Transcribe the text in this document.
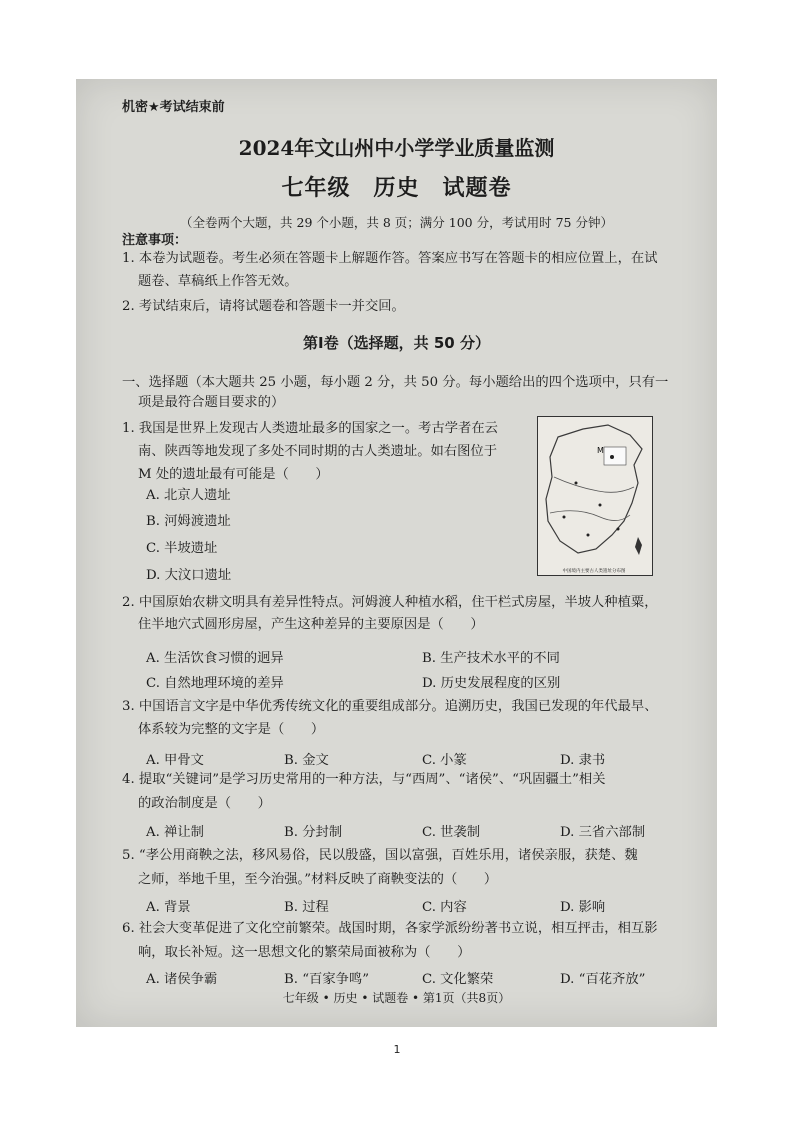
机密★考试结束前
2024年文山州中小学学业质量监测
七年级　历史　试题卷
（全卷两个大题，共 29 个小题，共 8 页；满分 100 分，考试用时 75 分钟）
注意事项：
1. 本卷为试题卷。考生必须在答题卡上解题作答。答案应书写在答题卡的相应位置上，在试
题卷、草稿纸上作答无效。
2. 考试结束后，请将试题卷和答题卡一并交回。
第Ⅰ卷（选择题，共 50 分）
一、选择题（本大题共 25 小题，每小题 2 分，共 50 分。每小题给出的四个选项中，只有一
项是最符合题目要求的）
1. 我国是世界上发现古人类遗址最多的国家之一。考古学者在云
南、陕西等地发现了多处不同时期的古人类遗址。如右图位于
M 处的遗址最有可能是（　　）
A. 北京人遗址
B. 河姆渡遗址
C. 半坡遗址
D. 大汶口遗址
M
中国境内主要古人类遗址分布图
2. 中国原始农耕文明具有差异性特点。河姆渡人种植水稻，住干栏式房屋，半坡人种植粟，
住半地穴式圆形房屋，产生这种差异的主要原因是（　　）
A. 生活饮食习惯的迥异	B. 生产技术水平的不同
C. 自然地理环境的差异	D. 历史发展程度的区别
3. 中国语言文字是中华优秀传统文化的重要组成部分。追溯历史，我国已发现的年代最早、
体系较为完整的文字是（　　）
A. 甲骨文	B. 金文	C. 小篆	D. 隶书
4. 提取“关键词”是学习历史常用的一种方法，与“西周”、“诸侯”、“巩固疆土”相关
的政治制度是（　　）
A. 禅让制	B. 分封制	C. 世袭制	D. 三省六部制
5. “孝公用商鞅之法，移风易俗，民以殷盛，国以富强，百姓乐用，诸侯亲服，获楚、魏
之师，举地千里，至今治强。”材料反映了商鞅变法的（　　）
A. 背景	B. 过程	C. 内容	D. 影响
6. 社会大变革促进了文化空前繁荣。战国时期，各家学派纷纷著书立说，相互抨击，相互影
响，取长补短。这一思想文化的繁荣局面被称为（　　）
A. 诸侯争霸	B. “百家争鸣”	C. 文化繁荣	D. “百花齐放”
七年级 • 历史 • 试题卷 • 第1页（共8页）
1
